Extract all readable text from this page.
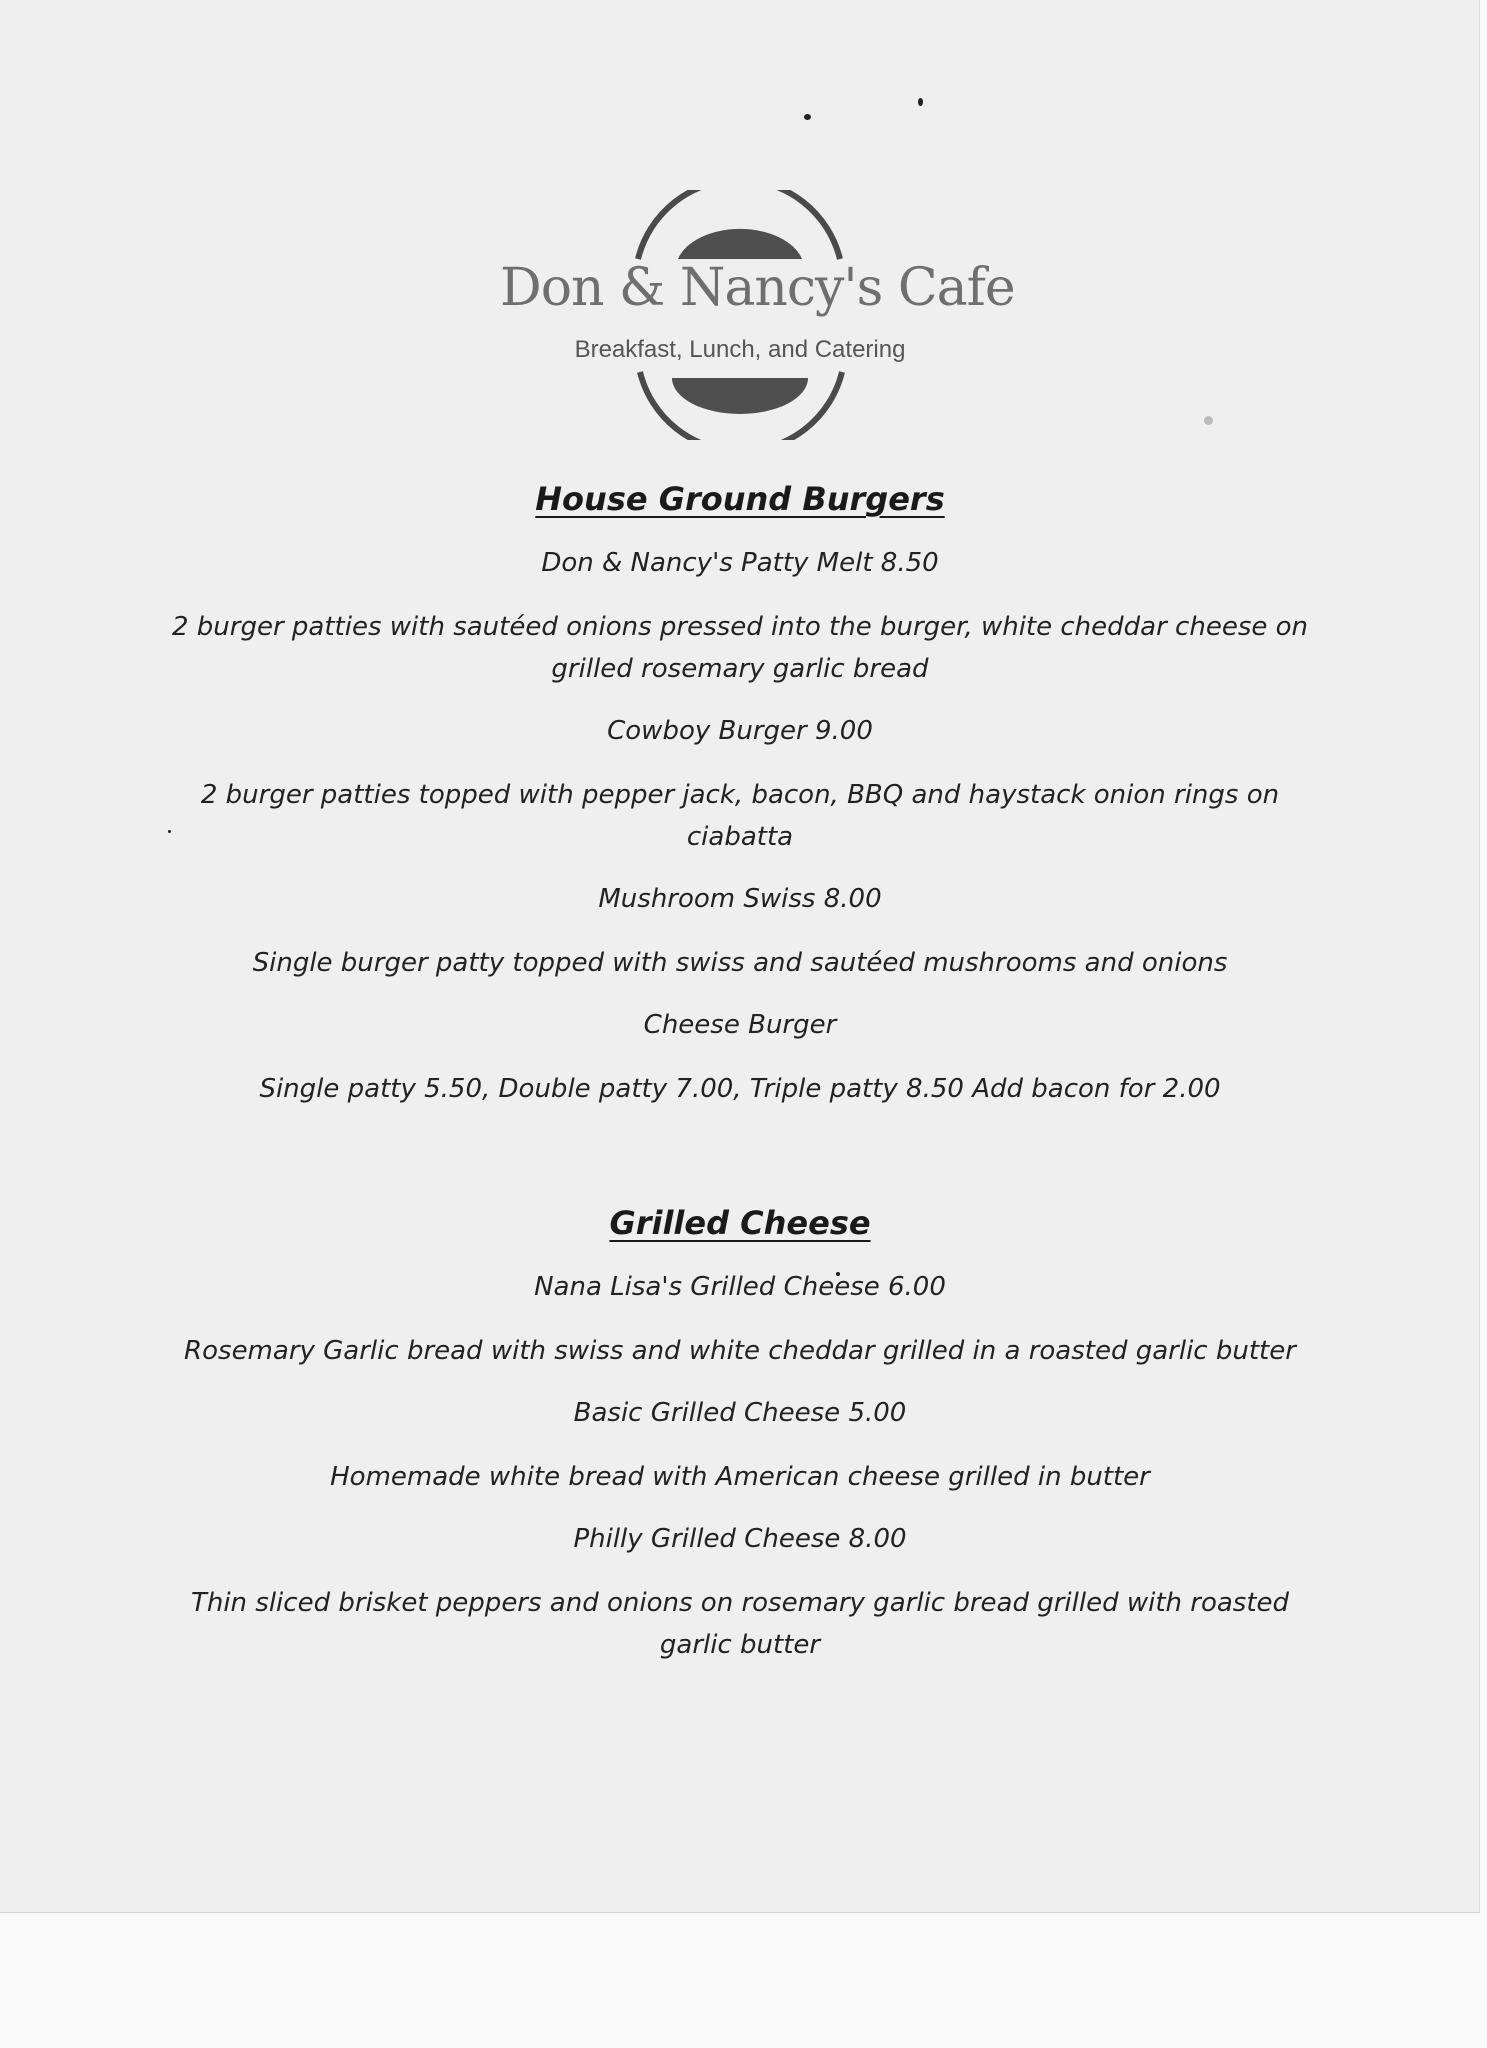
Don & Nancy's Cafe
Breakfast, Lunch, and Catering
House Ground Burgers
Don & Nancy's Patty Melt 8.50
2 burger patties with sautéed onions pressed into the burger, white cheddar cheese on grilled rosemary garlic bread
Cowboy Burger 9.00
2 burger patties topped with pepper jack, bacon, BBQ and haystack onion rings on ciabatta
Mushroom Swiss 8.00
Single burger patty topped with swiss and sautéed mushrooms and onions
Cheese Burger
Single patty 5.50, Double patty 7.00, Triple patty 8.50 Add bacon for 2.00
Grilled Cheese
Nana Lisa's Grilled Cheese 6.00
Rosemary Garlic bread with swiss and white cheddar grilled in a roasted garlic butter
Basic Grilled Cheese 5.00
Homemade white bread with American cheese grilled in butter
Philly Grilled Cheese 8.00
Thin sliced brisket peppers and onions on rosemary garlic bread grilled with roasted garlic butter
